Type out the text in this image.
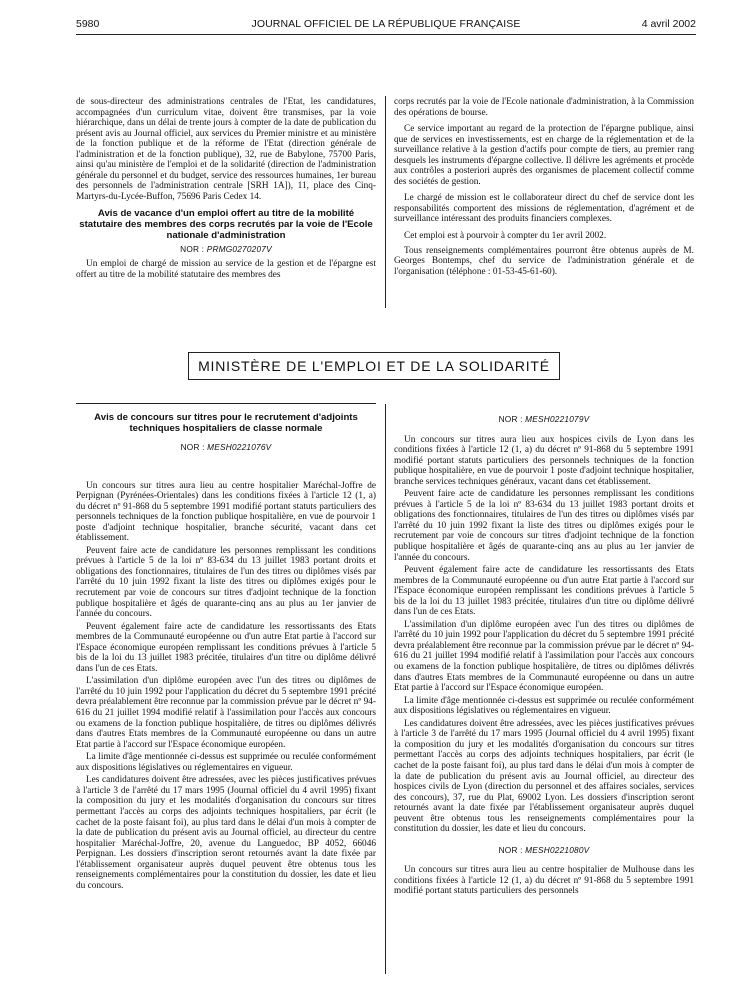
5980	JOURNAL OFFICIEL DE LA RÉPUBLIQUE FRANÇAISE	4 avril 2002

de sous-directeur des administrations centrales de l'Etat, les candidatures, accompagnées d'un curriculum vitae, doivent être transmises, par la voie hiérarchique, dans un délai de trente jours à compter de la date de publication du présent avis au Journal officiel, aux services du Premier ministre et au ministère de la fonction publique et de la réforme de l'Etat (direction générale de l'administration et de la fonction publique), 32, rue de Babylone, 75700 Paris, ainsi qu'au ministère de l'emploi et de la solidarité (direction de l'administration générale du personnel et du budget, service des ressources humaines, 1er bureau des personnels de l'administration centrale [SRH 1A]), 11, place des Cinq-Martyrs-du-Lycée-Buffon, 75696 Paris Cedex 14.

Avis de vacance d'un emploi offert au titre de la mobilité statutaire des membres des corps recrutés par la voie de l'Ecole nationale d'administration
NOR : PRMG0270207V

Un emploi de chargé de mission au service de la gestion et de l'épargne est offert au titre de la mobilité statutaire des membres des

corps recrutés par la voie de l'Ecole nationale d'administration, à la Commission des opérations de bourse.

Ce service important au regard de la protection de l'épargne publique, ainsi que de services en investissements, est en charge de la réglementation et de la surveillance relative à la gestion d'actifs pour compte de tiers, au premier rang desquels les instruments d'épargne collective. Il délivre les agréments et procède aux contrôles a posteriori auprès des organismes de placement collectif comme des sociétés de gestion.

Le chargé de mission est le collaborateur direct du chef de service dont les responsabilités comportent des missions de réglementation, d'agrément et de surveillance intéressant des produits financiers complexes.

Cet emploi est à pourvoir à compter du 1er avril 2002.

Tous renseignements complémentaires pourront être obtenus auprès de M. Georges Bontemps, chef du service de l'administration générale et de l'organisation (téléphone : 01-53-45-61-60).

MINISTÈRE DE L'EMPLOI ET DE LA SOLIDARITÉ
Avis de concours sur titres pour le recrutement d'adjoints techniques hospitaliers de classe normale
NOR : MESH0221076V

Un concours sur titres aura lieu au centre hospitalier Maréchal-Joffre de Perpignan (Pyrénées-Orientales) dans les conditions fixées à l'article 12 (1, a) du décret nº 91-868 du 5 septembre 1991 modifié portant statuts particuliers des personnels techniques de la fonction publique hospitalière, en vue de pourvoir 1 poste d'adjoint technique hospitalier, branche sécurité, vacant dans cet établissement.

Peuvent faire acte de candidature les personnes remplissant les conditions prévues à l'article 5 de la loi nº 83-634 du 13 juillet 1983 portant droits et obligations des fonctionnaires, titulaires de l'un des titres ou diplômes visés par l'arrêté du 10 juin 1992 fixant la liste des titres ou diplômes exigés pour le recrutement par voie de concours sur titres d'adjoint technique de la fonction publique hospitalière et âgés de quarante-cinq ans au plus au 1er janvier de l'année du concours.

Peuvent également faire acte de candidature les ressortissants des Etats membres de la Communauté européenne ou d'un autre Etat partie à l'accord sur l'Espace économique européen remplissant les conditions prévues à l'article 5 bis de la loi du 13 juillet 1983 précitée, titulaires d'un titre ou diplôme délivré dans l'un de ces Etats.

L'assimilation d'un diplôme européen avec l'un des titres ou diplômes de l'arrêté du 10 juin 1992 pour l'application du décret du 5 septembre 1991 précité devra préalablement être reconnue par la commission prévue par le décret nº 94-616 du 21 juillet 1994 modifié relatif à l'assimilation pour l'accès aux concours ou examens de la fonction publique hospitalière, de titres ou diplômes délivrés dans d'autres Etats membres de la Communauté européenne ou dans un autre Etat partie à l'accord sur l'Espace économique européen.

La limite d'âge mentionnée ci-dessus est supprimée ou reculée conformément aux dispositions législatives ou réglementaires en vigueur.

Les candidatures doivent être adressées, avec les pièces justificatives prévues à l'article 3 de l'arrêté du 17 mars 1995 (Journal officiel du 4 avril 1995) fixant la composition du jury et les modalités d'organisation du concours sur titres permettant l'accès au corps des adjoints techniques hospitaliers, par écrit (le cachet de la poste faisant foi), au plus tard dans le délai d'un mois à compter de la date de publication du présent avis au Journal officiel, au directeur du centre hospitalier Maréchal-Joffre, 20, avenue du Languedoc, BP 4052, 66046 Perpignan. Les dossiers d'inscription seront retournés avant la date fixée par l'établissement organisateur auprès duquel peuvent être obtenus tous les renseignements complémentaires pour la constitution du dossier, les date et lieu du concours.

NOR : MESH0221079V

Un concours sur titres aura lieu aux hospices civils de Lyon dans les conditions fixées à l'article 12 (1, a) du décret nº 91-868 du 5 septembre 1991 modifié portant statuts particuliers des personnels techniques de la fonction publique hospitalière, en vue de pourvoir 1 poste d'adjoint technique hospitalier, branche services techniques généraux, vacant dans cet établissement.

Peuvent faire acte de candidature les personnes remplissant les conditions prévues à l'article 5 de la loi nº 83-634 du 13 juillet 1983 portant droits et obligations des fonctionnaires, titulaires de l'un des titres ou diplômes visés par l'arrêté du 10 juin 1992 fixant la liste des titres ou diplômes exigés pour le recrutement par voie de concours sur titres d'adjoint technique de la fonction publique hospitalière et âgés de quarante-cinq ans au plus au 1er janvier de l'année du concours.

Peuvent également faire acte de candidature les ressortissants des Etats membres de la Communauté européenne ou d'un autre Etat partie à l'accord sur l'Espace économique européen remplissant les conditions prévues à l'article 5 bis de la loi du 13 juillet 1983 précitée, titulaires d'un titre ou diplôme délivré dans l'un de ces Etats.

L'assimilation d'un diplôme européen avec l'un des titres ou diplômes de l'arrêté du 10 juin 1992 pour l'application du décret du 5 septembre 1991 précité devra préalablement être reconnue par la commission prévue par le décret nº 94-616 du 21 juillet 1994 modifié relatif à l'assimilation pour l'accès aux concours ou examens de la fonction publique hospitalière, de titres ou diplômes délivrés dans d'autres Etats membres de la Communauté européenne ou dans un autre Etat partie à l'accord sur l'Espace économique européen.

La limite d'âge mentionnée ci-dessus est supprimée ou reculée conformément aux dispositions législatives ou réglementaires en vigueur.

Les candidatures doivent être adressées, avec les pièces justificatives prévues à l'article 3 de l'arrêté du 17 mars 1995 (Journal officiel du 4 avril 1995) fixant la composition du jury et les modalités d'organisation du concours sur titres permettant l'accès au corps des adjoints techniques hospitaliers, par écrit (le cachet de la poste faisant foi), au plus tard dans le délai d'un mois à compter de la date de publication du présent avis au Journal officiel, au directeur des hospices civils de Lyon (direction du personnel et des affaires sociales, services des concours), 37, rue du Plat, 69002 Lyon. Les dossiers d'inscription seront retournés avant la date fixée par l'établissement organisateur auprès duquel peuvent être obtenus tous les renseignements complémentaires pour la constitution du dossier, les date et lieu du concours.

NOR : MESH0221080V

Un concours sur titres aura lieu au centre hospitalier de Mulhouse dans les conditions fixées à l'article 12 (1, a) du décret nº 91-868 du 5 septembre 1991 modifié portant statuts particuliers des personnels
